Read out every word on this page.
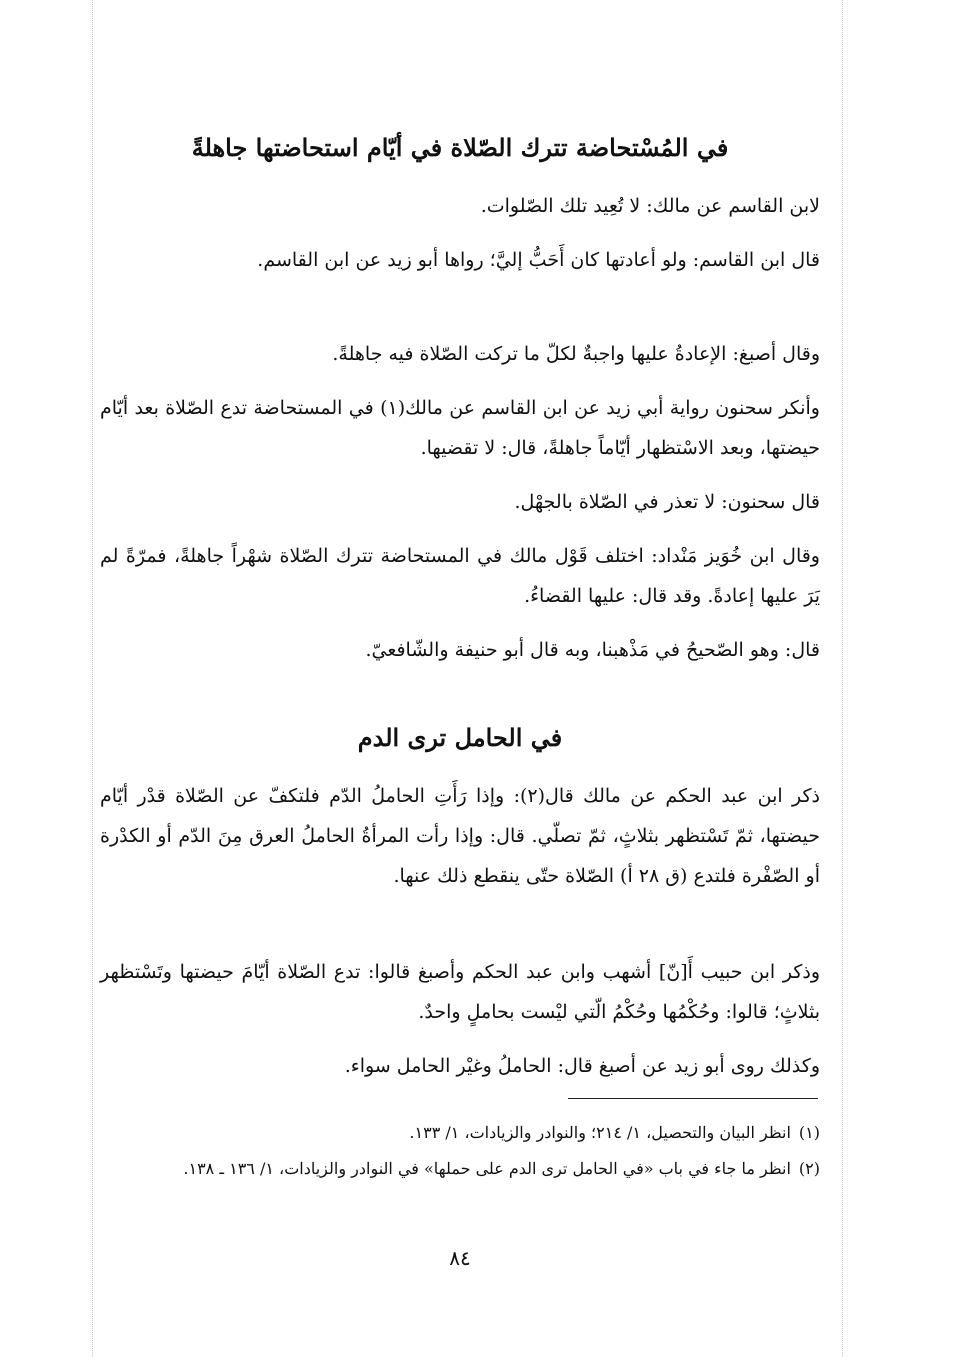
في المُسْتحاضة تترك الصّلاة في أيّام استحاضتها جاهلةً
لابن القاسم عن مالك: لا تُعِيد تلك الصّلوات.
قال ابن القاسم: ولو أعادتها كان أَحَبُّ إليَّ؛ رواها أبو زيد عن ابن القاسم.
وقال أصبغ: الإعادةُ عليها واجبةٌ لكلّ ما تركت الصّلاة فيه جاهلةً.
وأنكر سحنون رواية أبي زيد عن ابن القاسم عن مالك(١) في المستحاضة تدع الصّلاة بعد أيّام حيضتها، وبعد الاسْتظهار أيّاماً جاهلةً، قال: لا تقضيها.
قال سحنون: لا تعذر في الصّلاة بالجهْل.
وقال ابن خُوَيز مَنْداد: اختلف قَوْل مالك في المستحاضة تترك الصّلاة شهْراً جاهلةً، فمرّةً لم يَرَ عليها إعادةً. وقد قال: عليها القضاءُ.
قال: وهو الصّحيحُ في مَذْهبنا، وبه قال أبو حنيفة والشّافعيّ.
في الحامل ترى الدم
ذكر ابن عبد الحكم عن مالك قال(٢): وإذا رَأَتِ الحاملُ الدّم فلتكفّ عن الصّلاة قدْر أيّام حيضتها، ثمّ تَسْتظهر بثلاثٍ، ثمّ تصلّي. قال: وإذا رأت المرأةُ الحاملُ العرق مِنَ الدّم أو الكدْرة أو الصّفْرة فلتدع (ق ٢٨ أ) الصّلاة حتّى ينقطع ذلك عنها.
وذكر ابن حبيب أَ[نّ] أشهب وابن عبد الحكم وأصبغ قالوا: تدع الصّلاة أيّامَ حيضتها وتَسْتظهر بثلاثٍ؛ قالوا: وحُكْمُها وحُكْمُ الّتي ليْست بحاملٍ واحدٌ.
وكذلك روى أبو زيد عن أصبغ قال: الحاملُ وغيْر الحامل سواء.
(١)انظر البيان والتحصيل، ١/ ٢١٤؛ والنوادر والزيادات، ١/ ١٣٣.
(٢)انظر ما جاء في باب «في الحامل ترى الدم على حملها» في النوادر والزيادات، ١/ ١٣٦ ـ ١٣٨.
٨٤
